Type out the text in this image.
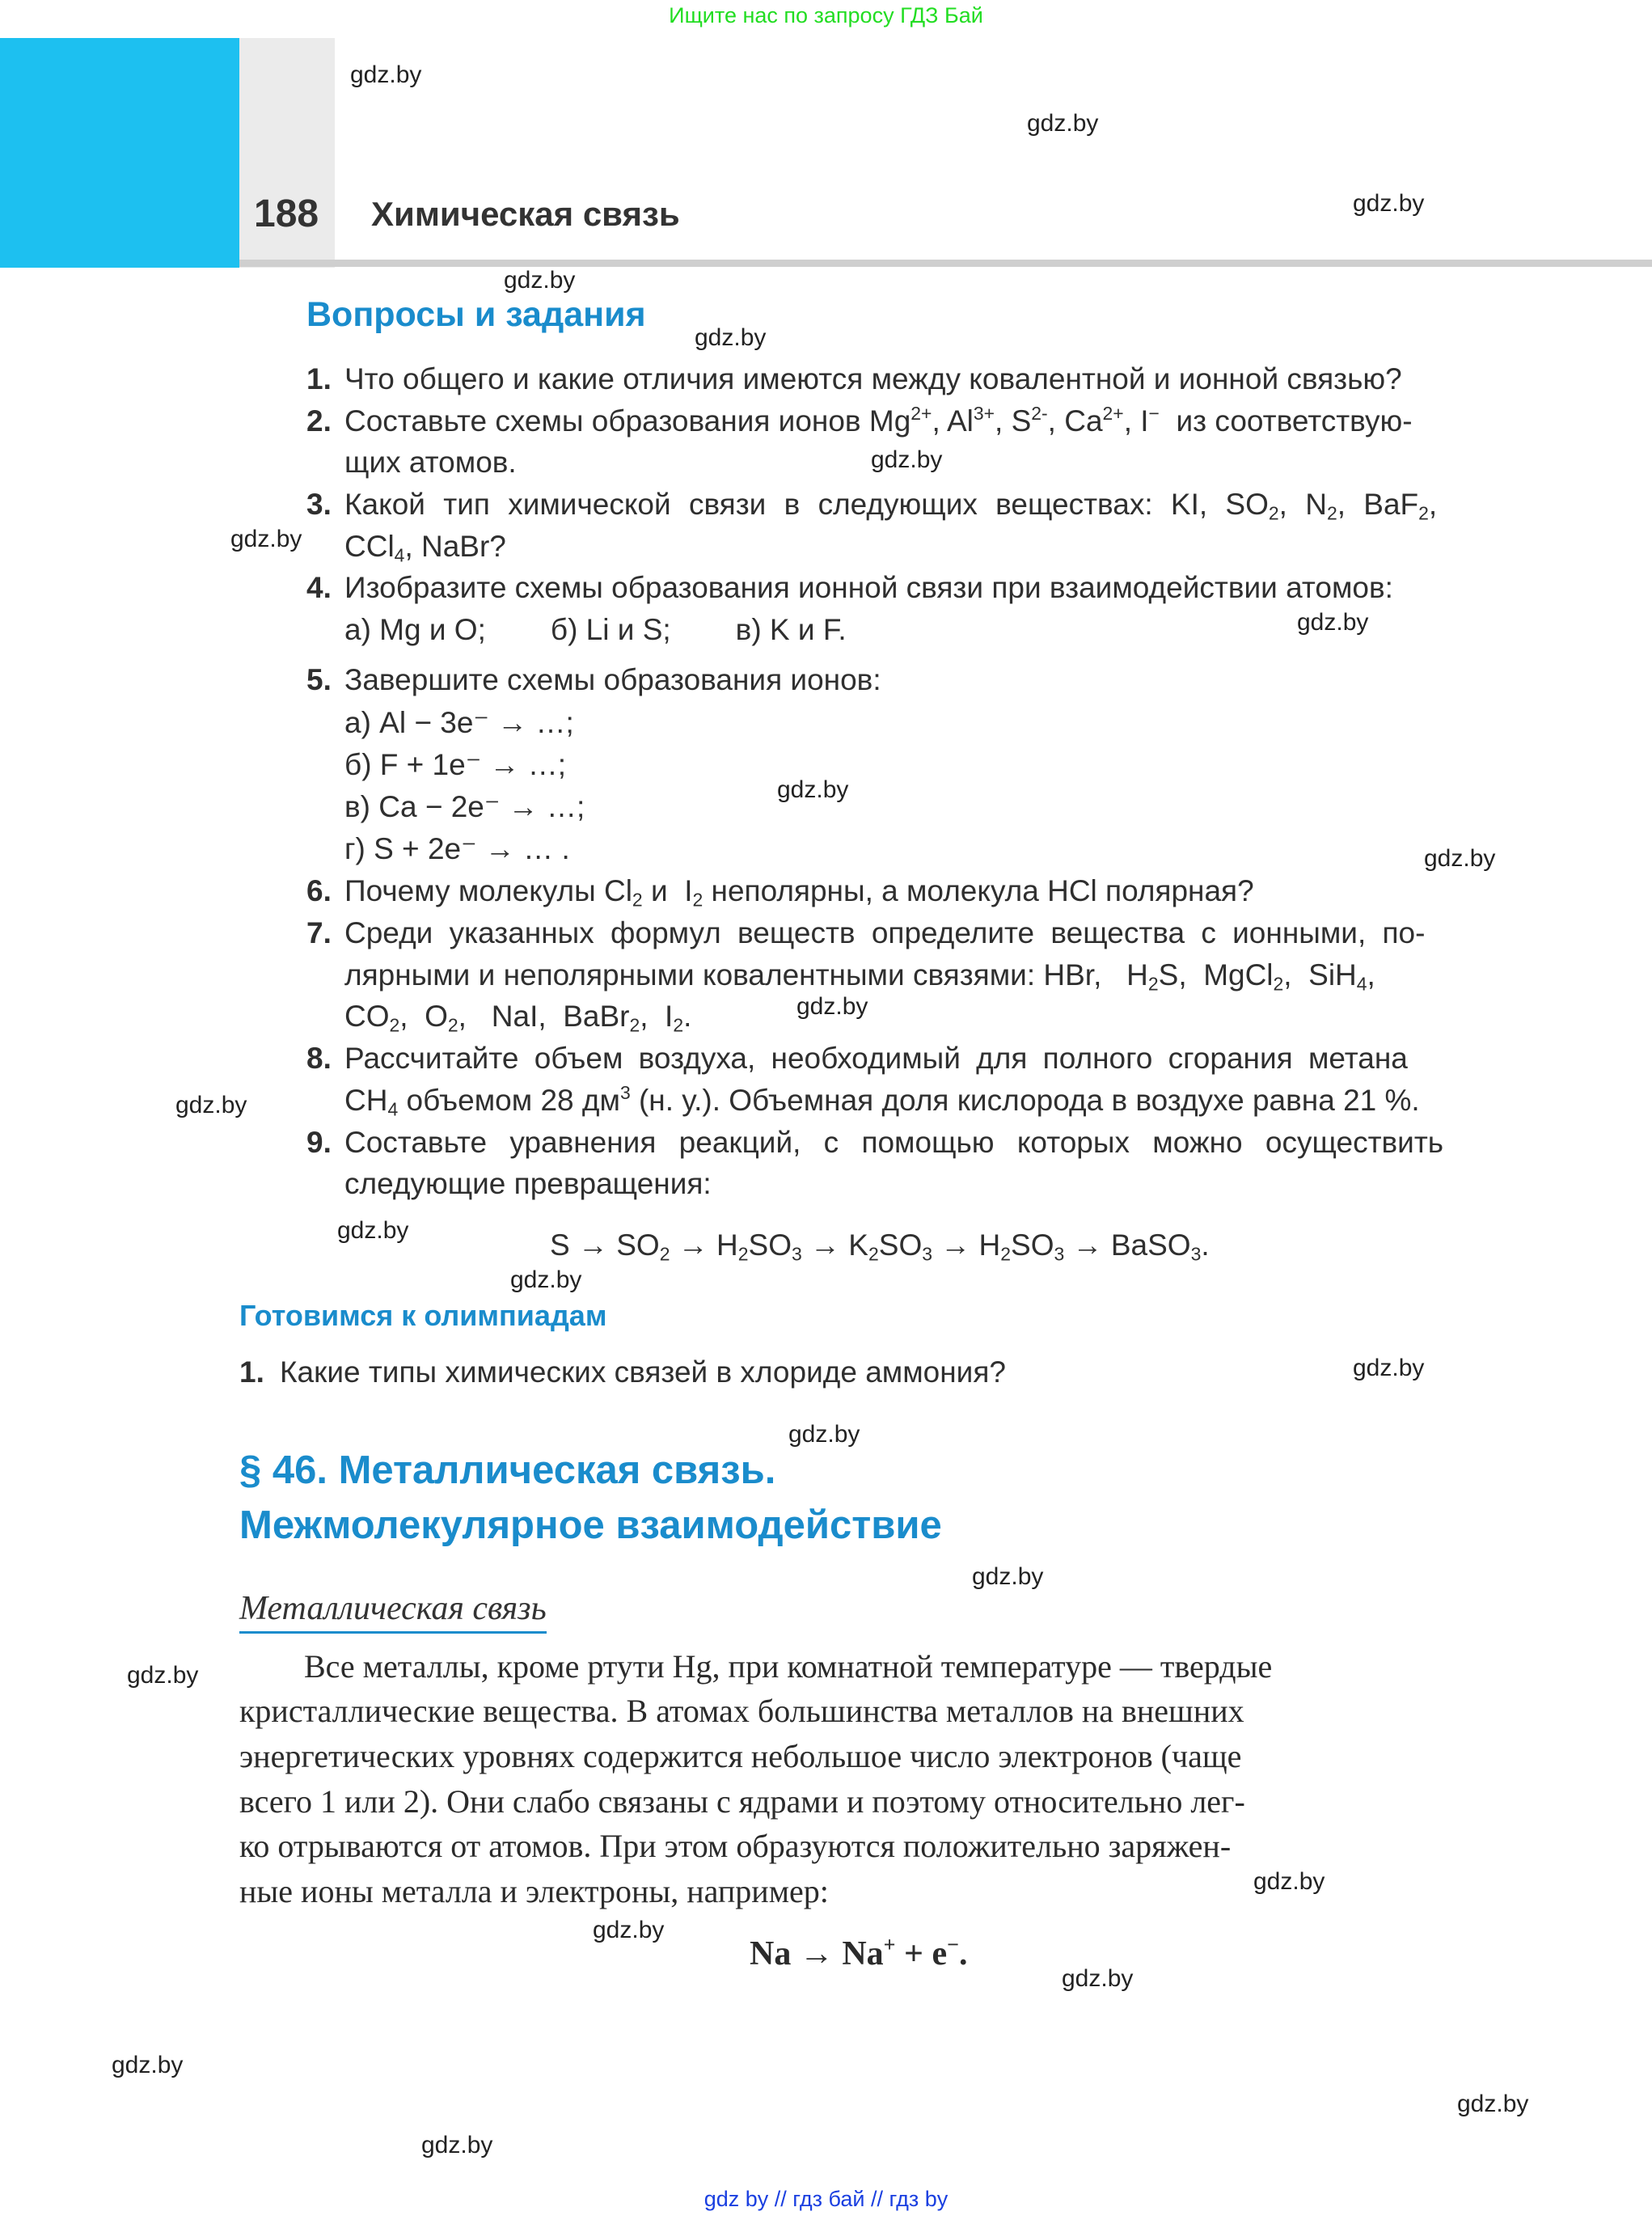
Ищите нас по запросу ГДЗ Бай
188 Химическая связь
gdz.by
gdz.by
gdz.by
gdz.by
gdz.by
gdz.by
gdz.by
gdz.by
gdz.by
gdz.by
gdz.by
gdz.by
gdz.by
gdz.by
gdz.by
gdz.by
gdz.by
gdz.by
gdz.by
gdz.by
gdz.by
gdz.by
gdz.by
gdz.by
Вопросы и задания
1. Что общего и какие отличия имеются между ковалентной и ионной связью?
2. Составьте схемы образования ионов $Mg^{2+}$, $Al^{3+}$, $S^{2-}$, $Ca^{2+}$, I− из соответствую-
щих атомов.
3. Какой тип химической связи в следующих веществах: KI, $SO_2$, $N_2$, BaF$_2$,
CCl$_4$, NaBr?
4. Изобразите схемы образования ионной связи при взаимодействии атомов:
а) Mg и O; б) Li и S; в) K и F.
5. Завершите схемы образования ионов:
а) Al − 3e⁻ → …;
б) F + 1e⁻ → …;
в) Ca − 2e⁻ → …;
г) S + 2e⁻ → … .
6. Почему молекулы $Cl_2$ и  $I_2$ неполярны, а молекула HCl полярная?
7. Среди указанных формул веществ определите вещества с ионными, по-
лярными и неполярными ковалентными связями: HBr,   $H_2S$,  MgCl$_2$,  SiH$_4$,
$CO_2$,  $O_2$,   NaI,  BaBr$_2$,  $I_2$.
8. Рассчитайте объем воздуха, необходимый для полного сгорания метана
$CH_4$ объемом 28 $дм^3$ (н. у.). Объемная доля кислорода в воздухе равна 21 %.
9. Составьте уравнения реакций, с помощью которых можно осуществить
следующие превращения:
$S \to SO_2 \to H_2SO_3 \to K_2SO_3 \to H_2SO_3$ → BaSO$_3$.
Готовимся к олимпиадам
1. Какие типы химических связей в хлориде аммония?
§ 46. Металлическая связь.
Межмолекулярное взаимодействие
Металлическая связь
Все металлы, кроме ртути Hg, при комнатной температуре — твердые
кристаллические вещества. В атомах большинства металлов на внешних
энергетических уровнях содержится небольшое число электронов (чаще
всего 1 или 2). Они слабо связаны с ядрами и поэтому относительно лег-
ко отрываются от атомов. При этом образуются положительно заряжен-
ные ионы металла и электроны, например:
Na → Na+ + e−.
gdz by // гдз бай // гдз by
